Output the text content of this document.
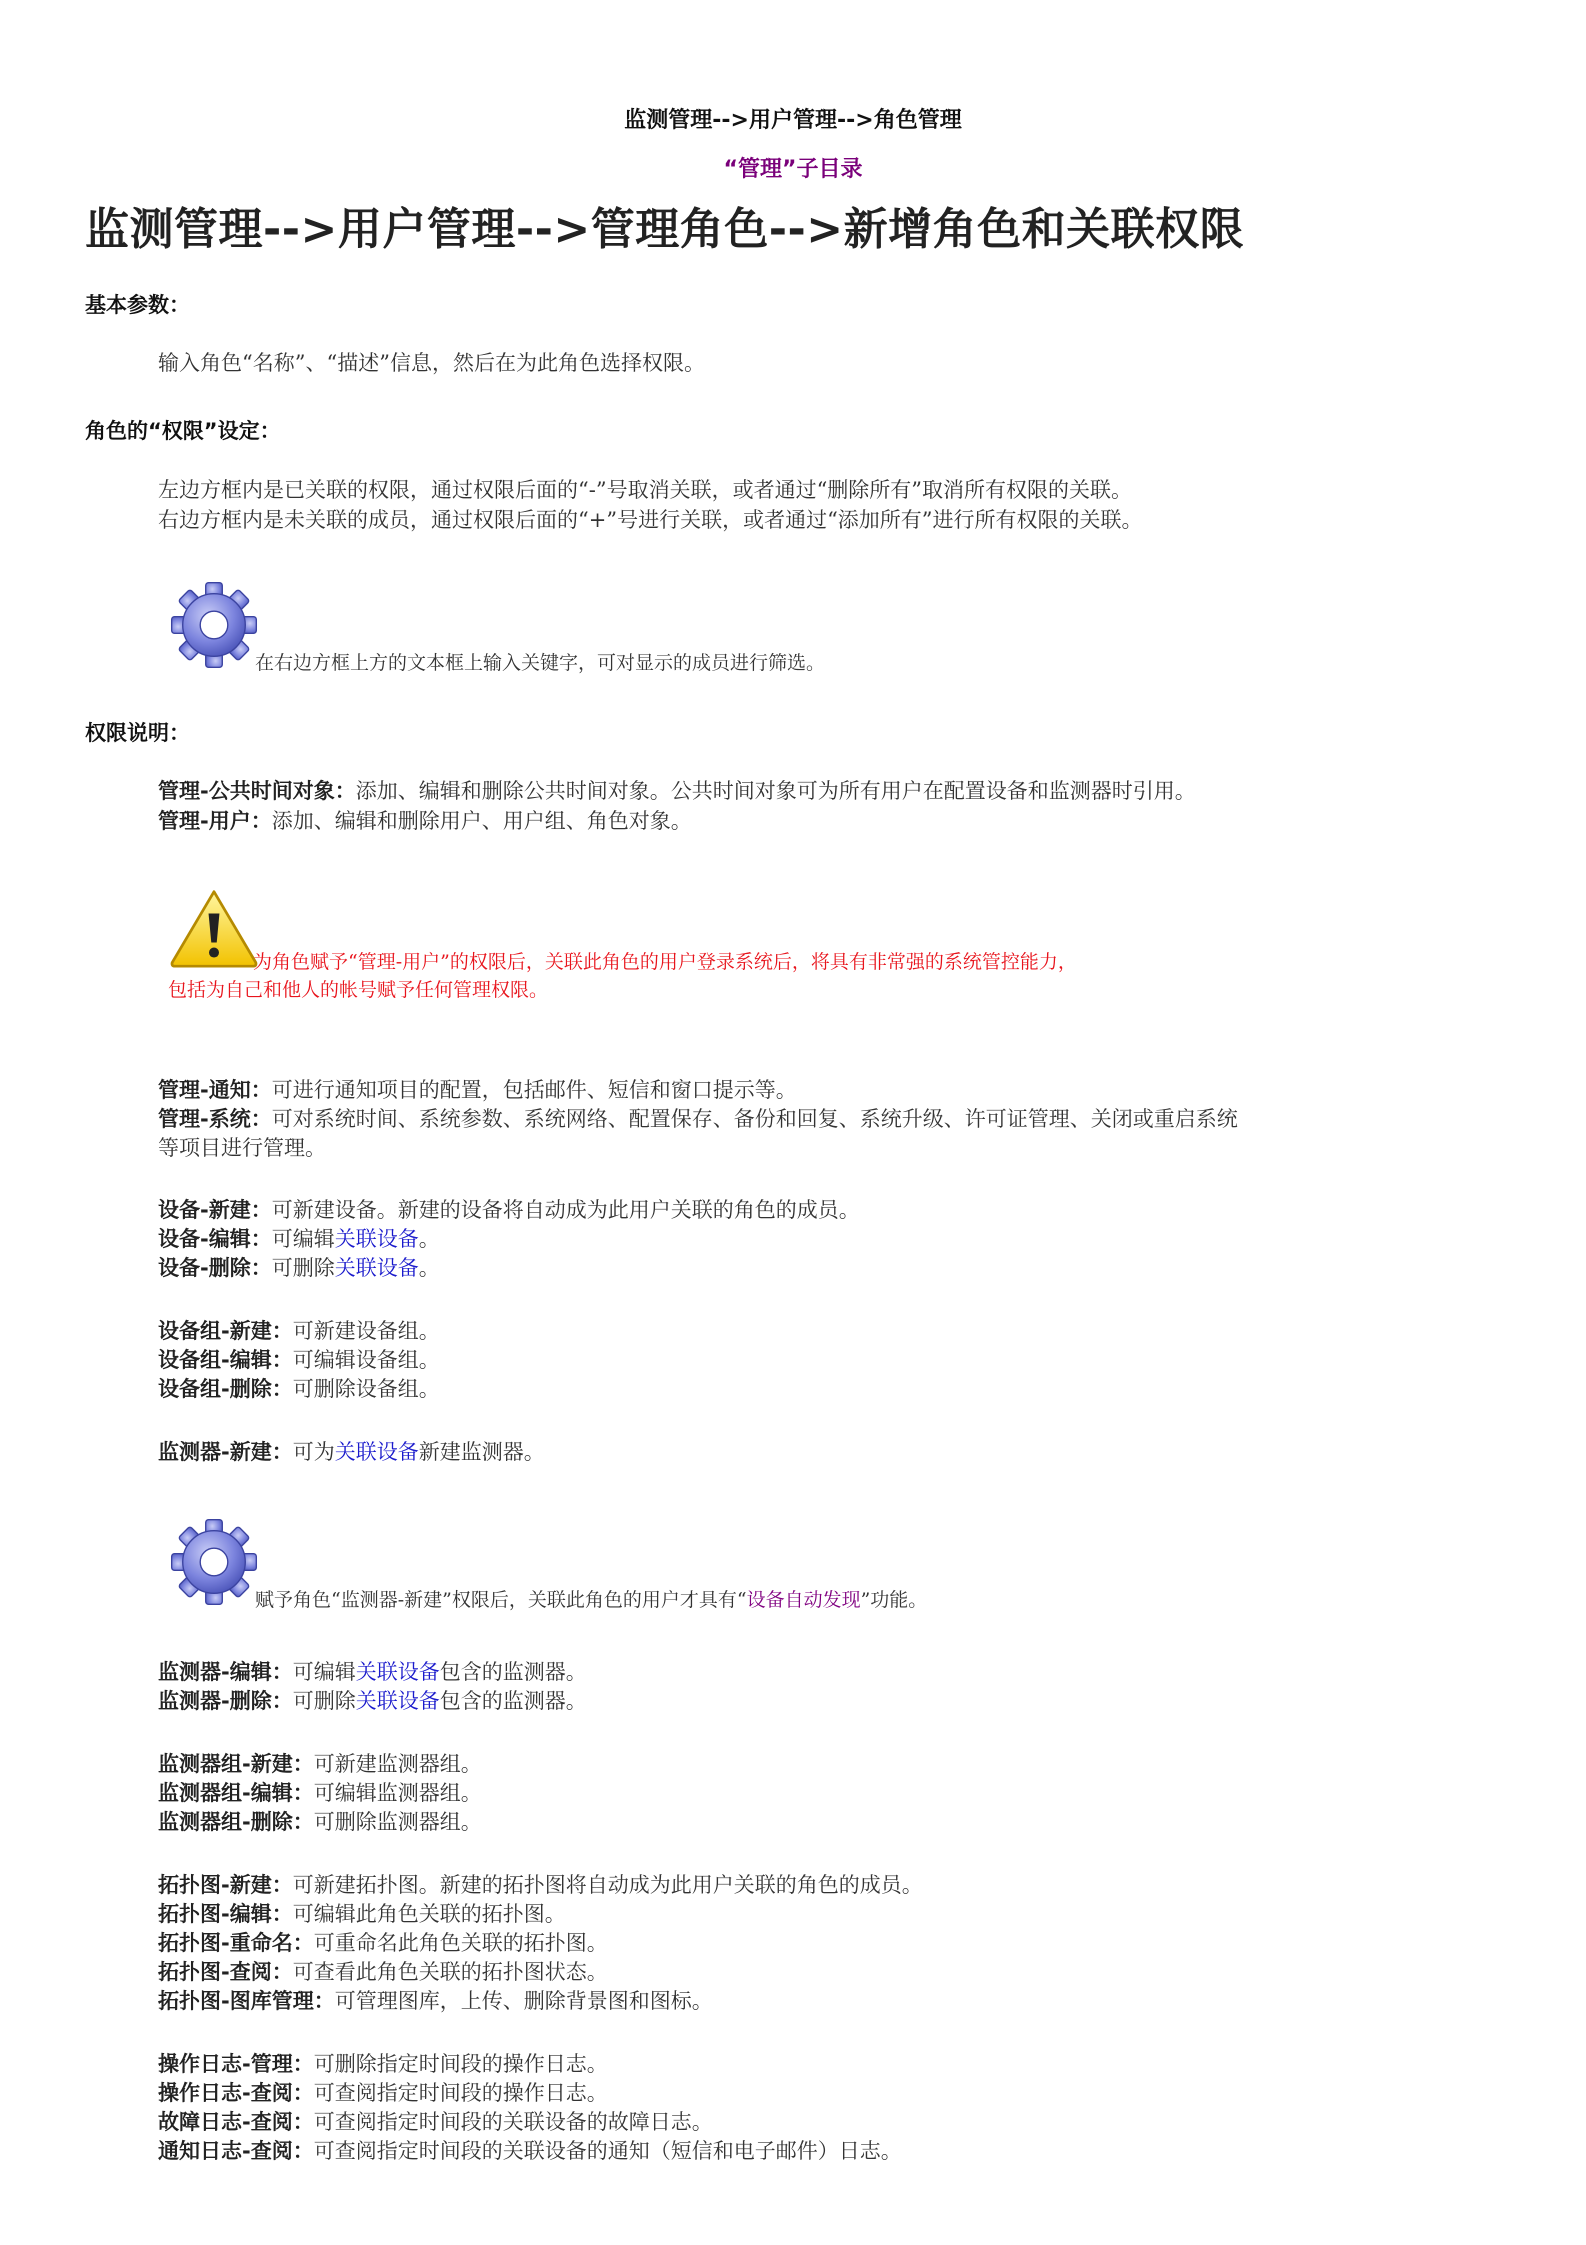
监测管理-->用户管理-->角色管理
“管理”子目录
监测管理-->用户管理-->管理角色-->新增角色和关联权限
基本参数：
输入角色“名称”、“描述”信息，然后在为此角色选择权限。
角色的“权限”设定：
左边方框内是已关联的权限，通过权限后面的“-”号取消关联，或者通过“删除所有”取消所有权限的关联。
右边方框内是未关联的成员，通过权限后面的“+”号进行关联，或者通过“添加所有”进行所有权限的关联。
在右边方框上方的文本框上输入关键字，可对显示的成员进行筛选。
权限说明：
管理-公共时间对象：添加、编辑和删除公共时间对象。公共时间对象可为所有用户在配置设备和监测器时引用。
管理-用户：添加、编辑和删除用户、用户组、角色对象。
为角色赋予“管理-用户”的权限后，关联此角色的用户登录系统后，将具有非常强的系统管控能力，
包括为自己和他人的帐号赋予任何管理权限。
管理-通知：可进行通知项目的配置，包括邮件、短信和窗口提示等。
管理-系统：可对系统时间、系统参数、系统网络、配置保存、备份和回复、系统升级、许可证管理、关闭或重启系统
等项目进行管理。
设备-新建：可新建设备。新建的设备将自动成为此用户关联的角色的成员。
设备-编辑：可编辑关联设备。
设备-删除：可删除关联设备。
设备组-新建：可新建设备组。
设备组-编辑：可编辑设备组。
设备组-删除：可删除设备组。
监测器-新建：可为关联设备新建监测器。
赋予角色“监测器-新建”权限后，关联此角色的用户才具有“设备自动发现”功能。
监测器-编辑：可编辑关联设备包含的监测器。
监测器-删除：可删除关联设备包含的监测器。
监测器组-新建：可新建监测器组。
监测器组-编辑：可编辑监测器组。
监测器组-删除：可删除监测器组。
拓扑图-新建：可新建拓扑图。新建的拓扑图将自动成为此用户关联的角色的成员。
拓扑图-编辑：可编辑此角色关联的拓扑图。
拓扑图-重命名：可重命名此角色关联的拓扑图。
拓扑图-查阅：可查看此角色关联的拓扑图状态。
拓扑图-图库管理：可管理图库，上传、删除背景图和图标。
操作日志-管理：可删除指定时间段的操作日志。
操作日志-查阅：可查阅指定时间段的操作日志。
故障日志-查阅：可查阅指定时间段的关联设备的故障日志。
通知日志-查阅：可查阅指定时间段的关联设备的通知（短信和电子邮件）日志。
